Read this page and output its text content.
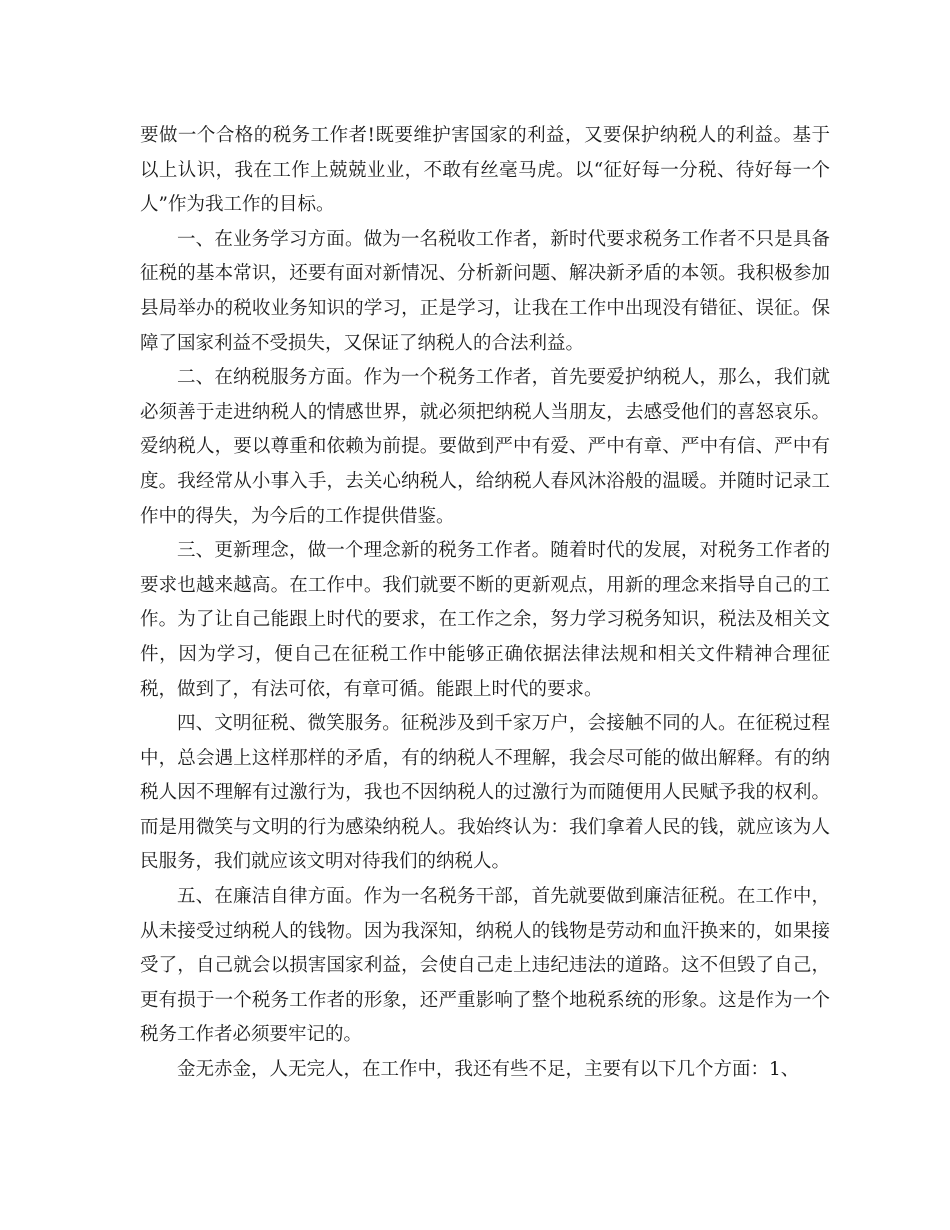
要做一个合格的税务工作者!既要维护害国家的利益，又要保护纳税人的利益。基于以上认识，我在工作上兢兢业业，不敢有丝毫马虎。以“征好每一分税、待好每一个人”作为我工作的目标。

一、在业务学习方面。做为一名税收工作者，新时代要求税务工作者不只是具备征税的基本常识，还要有面对新情况、分析新问题、解决新矛盾的本领。我积极参加县局举办的税收业务知识的学习，正是学习，让我在工作中出现没有错征、误征。保障了国家利益不受损失，又保证了纳税人的合法利益。

二、在纳税服务方面。作为一个税务工作者，首先要爱护纳税人，那么，我们就必须善于走进纳税人的情感世界，就必须把纳税人当朋友，去感受他们的喜怒哀乐。爱纳税人，要以尊重和依赖为前提。要做到严中有爱、严中有章、严中有信、严中有度。我经常从小事入手，去关心纳税人，给纳税人春风沐浴般的温暖。并随时记录工作中的得失，为今后的工作提供借鉴。

三、更新理念，做一个理念新的税务工作者。随着时代的发展，对税务工作者的要求也越来越高。在工作中。我们就要不断的更新观点，用新的理念来指导自己的工作。为了让自己能跟上时代的要求，在工作之余，努力学习税务知识，税法及相关文件，因为学习，便自己在征税工作中能够正确依据法律法规和相关文件精神合理征税，做到了，有法可依，有章可循。能跟上时代的要求。

四、文明征税、微笑服务。征税涉及到千家万户，会接触不同的人。在征税过程中，总会遇上这样那样的矛盾，有的纳税人不理解，我会尽可能的做出解释。有的纳税人因不理解有过激行为，我也不因纳税人的过激行为而随便用人民赋予我的权利。而是用微笑与文明的行为感染纳税人。我始终认为：我们拿着人民的钱，就应该为人民服务，我们就应该文明对待我们的纳税人。

五、在廉洁自律方面。作为一名税务干部，首先就要做到廉洁征税。在工作中，从未接受过纳税人的钱物。因为我深知，纳税人的钱物是劳动和血汗换来的，如果接受了，自己就会以损害国家利益，会使自己走上违纪违法的道路。这不但毁了自己，更有损于一个税务工作者的形象，还严重影响了整个地税系统的形象。这是作为一个税务工作者必须要牢记的。

金无赤金，人无完人，在工作中，我还有些不足，主要有以下几个方面：1、
